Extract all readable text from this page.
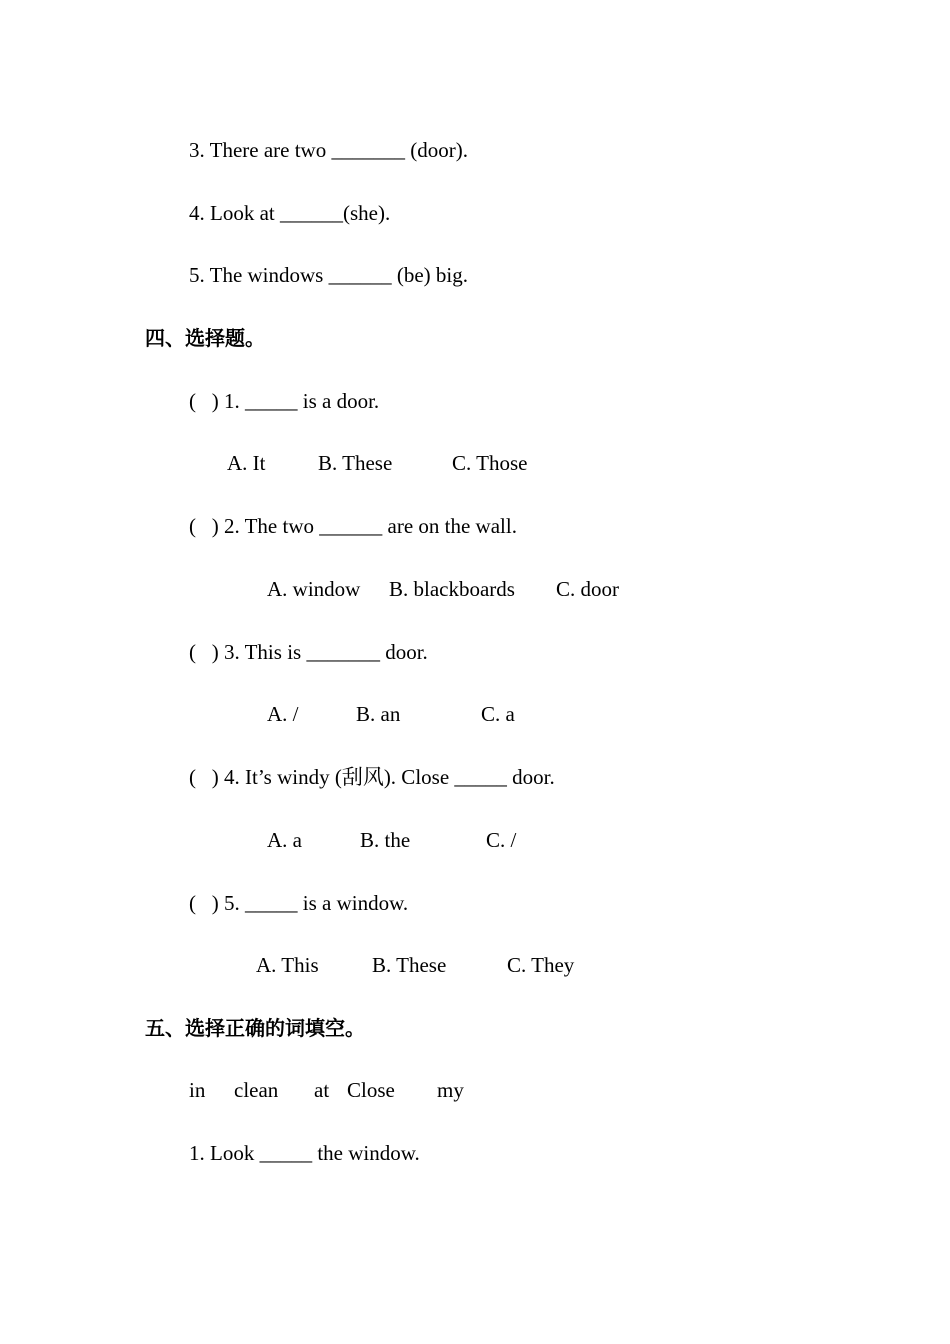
3. There are two _______ (door).
4. Look at ______(she).
5. The windows ______ (be) big.
四、选择题。
(   ) 1. _____ is a door.
A. It	B. These	C. Those
(   ) 2. The two ______ are on the wall.
A. window B. blackboards C. door
(   ) 3. This is _______ door.
A. /	B. an	C. a
(   ) 4. It’s windy (刮风). Close _____ door.
A. a	B. the	C. /
(   ) 5. _____ is a window.
A. This	B. These	C. They
五、选择正确的词填空。
in clean at Close my
1. Look _____ the window.
